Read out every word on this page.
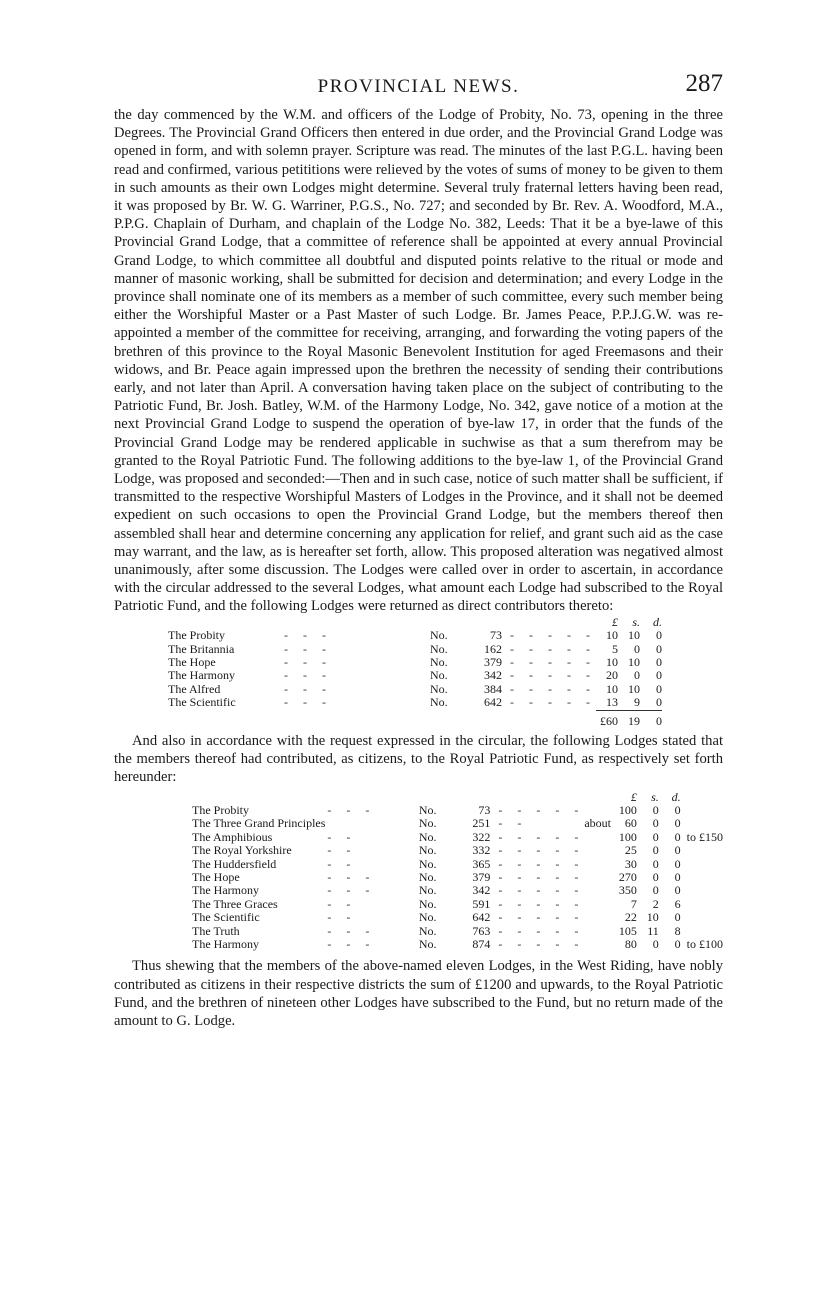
PROVINCIAL NEWS.	287

the day commenced by the W.M. and officers of the Lodge of Probity, No. 73, opening in the three Degrees. The Provincial Grand Officers then entered in due order, and the Provincial Grand Lodge was opened in form, and with solemn prayer. Scripture was read. The minutes of the last P.G.L. having been read and confirmed, various petititions were relieved by the votes of sums of money to be given to them in such amounts as their own Lodges might determine. Several truly fraternal letters having been read, it was proposed by Br. W. G. Warriner, P.G.S., No. 727; and seconded by Br. Rev. A. Woodford, M.A., P.P.G. Chaplain of Durham, and chaplain of the Lodge No. 382, Leeds: That it be a bye-lawe of this Provincial Grand Lodge, that a committee of reference shall be appointed at every annual Provincial Grand Lodge, to which committee all doubtful and disputed points relative to the ritual or mode and manner of masonic working, shall be submitted for decision and determination; and every Lodge in the province shall nominate one of its members as a member of such committee, every such member being either the Worshipful Master or a Past Master of such Lodge. Br. James Peace, P.P.J.G.W. was re-appointed a member of the committee for receiving, arranging, and forwarding the voting papers of the brethren of this province to the Royal Masonic Benevolent Institution for aged Freemasons and their widows, and Br. Peace again impressed upon the brethren the necessity of sending their contributions early, and not later than April. A conversation having taken place on the subject of contributing to the Patriotic Fund, Br. Josh. Batley, W.M. of the Harmony Lodge, No. 342, gave notice of a motion at the next Provincial Grand Lodge to suspend the operation of bye-law 17, in order that the funds of the Provincial Grand Lodge may be rendered applicable in suchwise as that a sum therefrom may be granted to the Royal Patriotic Fund. The following additions to the bye-law 1, of the Provincial Grand Lodge, was proposed and seconded:—Then and in such case, notice of such matter shall be sufficient, if transmitted to the respective Worshipful Masters of Lodges in the Province, and it shall not be deemed expedient on such occasions to open the Provincial Grand Lodge, but the members thereof then assembled shall hear and determine concerning any application for relief, and grant such aid as the case may warrant, and the law, as is hereafter set forth, allow. This proposed alteration was negatived almost unanimously, after some discussion. The Lodges were called over in order to ascertain, in accordance with the circular addressed to the several Lodges, what amount each Lodge had subscribed to the Royal Patriotic Fund, and the following Lodges were returned as direct contributors thereto:

					£	s.	d.
The Probity	- - -	No.	73	- - - - -	10	10	0
The Britannia	- - -	No.	162	- - - - -	5	0	0
The Hope	- - -	No.	379	- - - - -	10	10	0
The Harmony	- - -	No.	342	- - - - -	20	0	0
The Alfred	- - -	No.	384	- - - - -	10	10	0
The Scientific	- - -	No.	642	- - - - -	13	9	0
					£60	19	0

And also in accordance with the request expressed in the circular, the following Lodges stated that the members thereof had contributed, as citizens, to the Royal Patriotic Fund, as respectively set forth hereunder:

						£	s.	d.	
The Probity	- - -	No.	73	- - - - -		100	0	0	
The Three Grand Principles		No.	251	- -	about	60	0	0	
The Amphibious	- -	No.	322	- - - - -		100	0	0	to £150
The Royal Yorkshire	- -	No.	332	- - - - -		25	0	0	
The Huddersfield	- -	No.	365	- - - - -		30	0	0	
The Hope	- - -	No.	379	- - - - -		270	0	0	
The Harmony	- - -	No.	342	- - - - -		350	0	0	
The Three Graces	- -	No.	591	- - - - -		7	2	6	
The Scientific	- -	No.	642	- - - - -		22	10	0	
The Truth	- - -	No.	763	- - - - -		105	11	8	
The Harmony	- - -	No.	874	- - - - -		80	0	0	to £100

Thus shewing that the members of the above-named eleven Lodges, in the West Riding, have nobly contributed as citizens in their respective districts the sum of £1200 and upwards, to the Royal Patriotic Fund, and the brethren of nineteen other Lodges have subscribed to the Fund, but no return made of the amount to G. Lodge.
